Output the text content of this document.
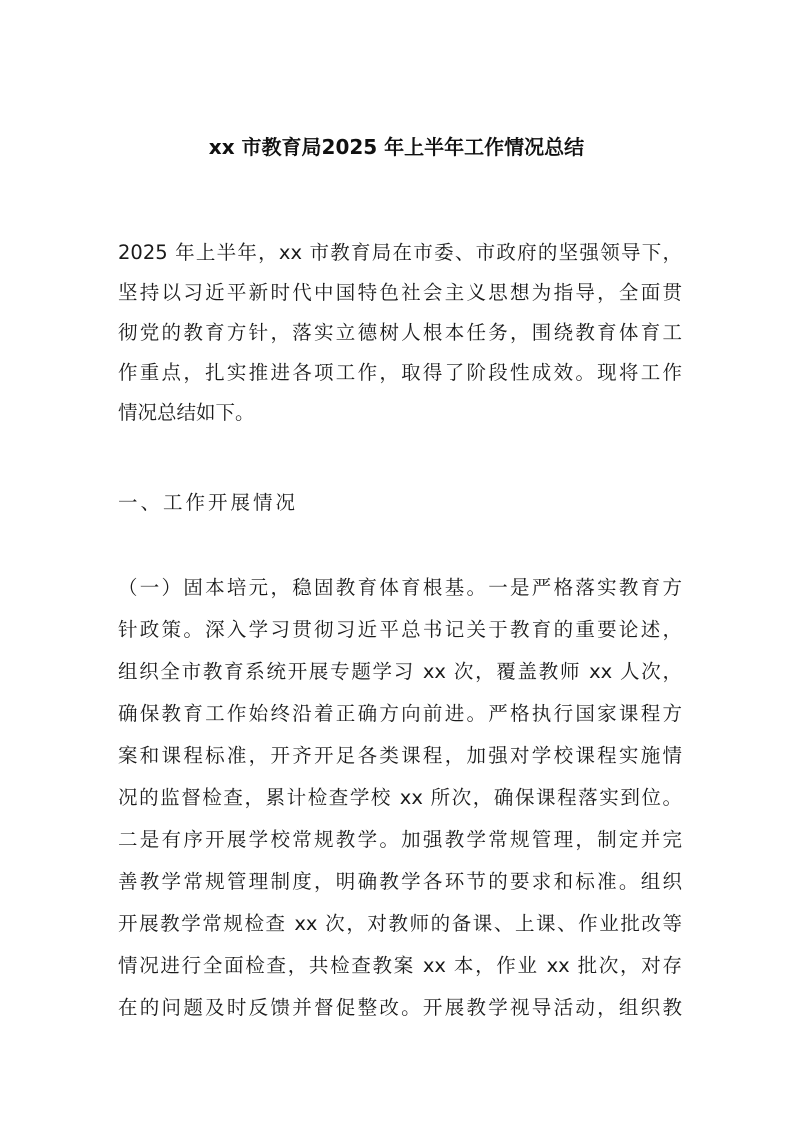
xx 市教育局2025 年上半年工作情况总结
2025 年上半年，xx 市教育局在市委、市政府的坚强领导下，
坚持以习近平新时代中国特色社会主义思想为指导，全面贯
彻党的教育方针，落实立德树人根本任务，围绕教育体育工
作重点，扎实推进各项工作，取得了阶段性成效。现将工作
情况总结如下。
一、工作开展情况
（一）固本培元，稳固教育体育根基。一是严格落实教育方
针政策。深入学习贯彻习近平总书记关于教育的重要论述，
组织全市教育系统开展专题学习 xx 次，覆盖教师 xx 人次，
确保教育工作始终沿着正确方向前进。严格执行国家课程方
案和课程标准，开齐开足各类课程，加强对学校课程实施情
况的监督检查，累计检查学校 xx 所次，确保课程落实到位。
二是有序开展学校常规教学。加强教学常规管理，制定并完
善教学常规管理制度，明确教学各环节的要求和标准。组织
开展教学常规检查 xx 次，对教师的备课、上课、作业批改等
情况进行全面检查，共检查教案 xx 本，作业 xx 批次，对存
在的问题及时反馈并督促整改。开展教学视导活动，组织教
